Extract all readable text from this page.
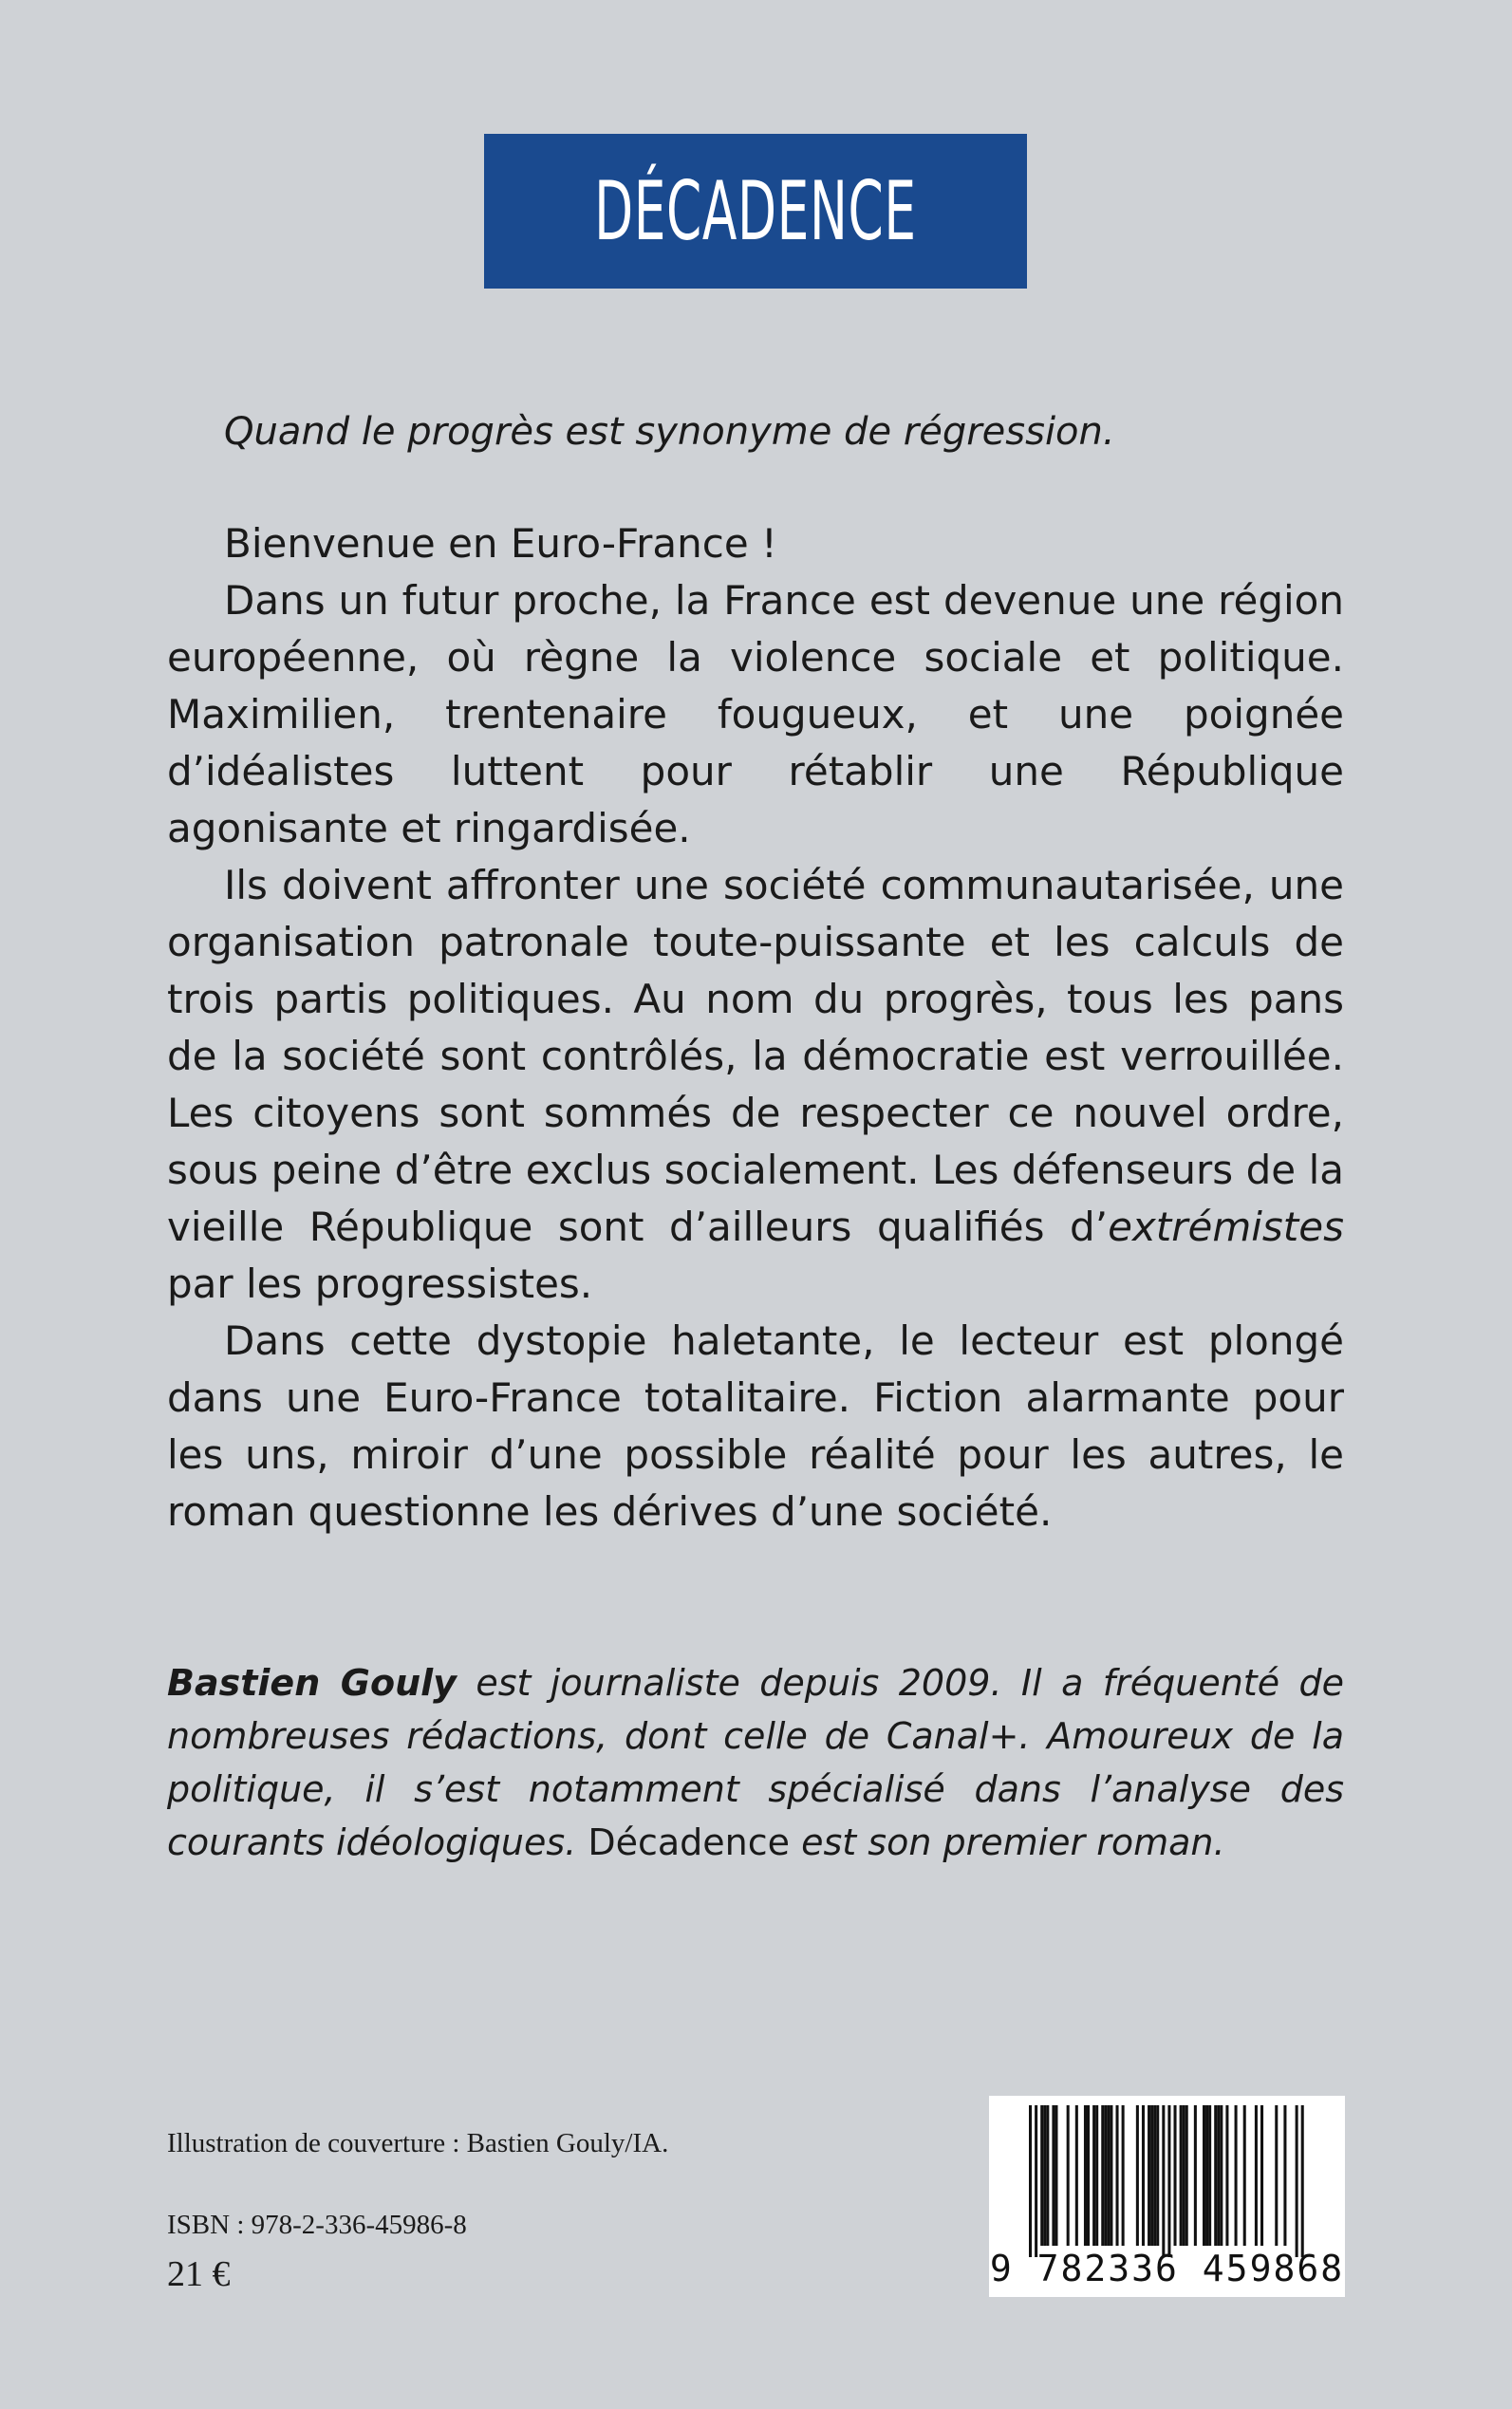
DÉCADENCE

Quand le progrès est synonyme de régression.

Bienvenue en Euro-France !

Dans un futur proche, la France est devenue une région européenne, où règne la violence sociale et politique. Maximilien, trentenaire fougueux, et une poignée d’idéalistes luttent pour rétablir une République agonisante et ringardisée.

Ils doivent affronter une société communautarisée, une organisation patronale toute-puissante et les calculs de trois partis politiques. Au nom du progrès, tous les pans de la société sont contrôlés, la démocratie est verrouillée. Les citoyens sont sommés de respecter ce nouvel ordre, sous peine d’être exclus socialement. Les défenseurs de la vieille République sont d’ailleurs qualifiés d’extrémistes par les progressistes.

Dans cette dystopie haletante, le lecteur est plongé dans une Euro-France totalitaire. Fiction alarmante pour les uns, miroir d’une possible réalité pour les autres, le roman questionne les dérives d’une société.

Bastien Gouly est journaliste depuis 2009. Il a fréquenté de nombreuses rédactions, dont celle de Canal+. Amoureux de la politique, il s’est notamment spécialisé dans l’analyse des courants idéologiques. Décadence est son premier roman.

Illustration de couverture : Bastien Gouly/IA.
ISBN : 978-2-336-45986-8
21 €	9 782336 459868
